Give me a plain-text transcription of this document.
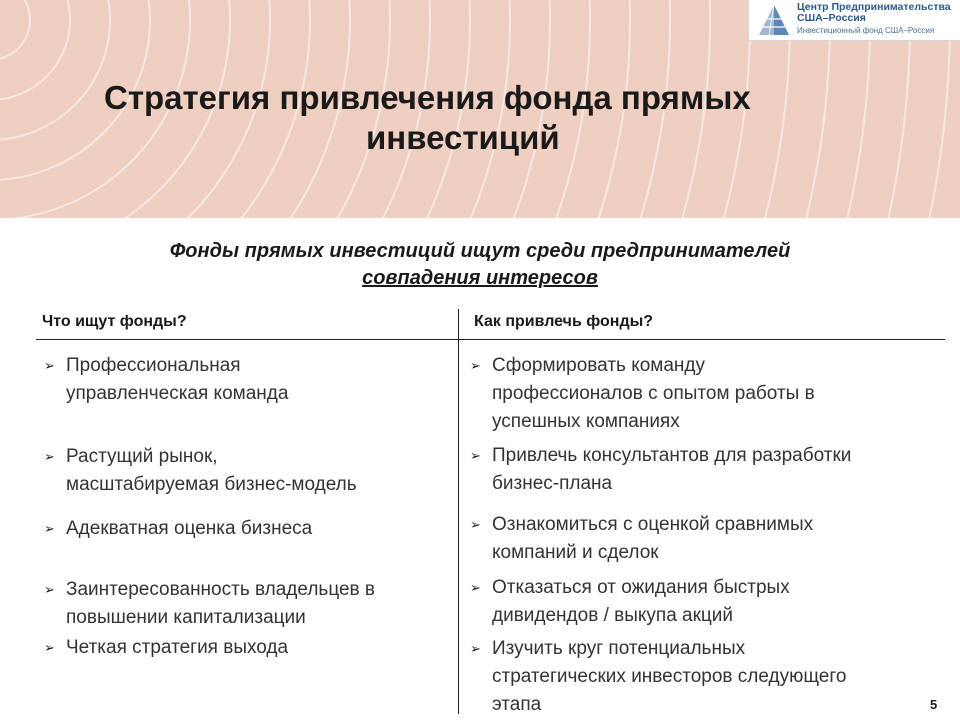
Центр Предпринимательства
США–Россия
Инвестиционный фонд США–Россия
Стратегия привлечения фонда прямых
инвестиций
Фонды прямых инвестиций ищут среди предпринимателей
совпадения интересов
Что ищут фонды?	Как привлечь фонды?
➢ Профессиональная
управленческая команда
➢ Растущий рынок,
масштабируемая бизнес-модель
➢ Адекватная оценка бизнеса
➢ Заинтересованность владельцев в
повышении капитализации
➢ Четкая стратегия выхода
➢ Сформировать команду
профессионалов с опытом работы в
успешных компаниях
➢ Привлечь консультантов для разработки
бизнес-плана
➢ Ознакомиться с оценкой сравнимых
компаний и сделок
➢ Отказаться от ожидания быстрых
дивидендов / выкупа акций
➢ Изучить круг потенциальных
стратегических инвесторов следующего
этапа	5
